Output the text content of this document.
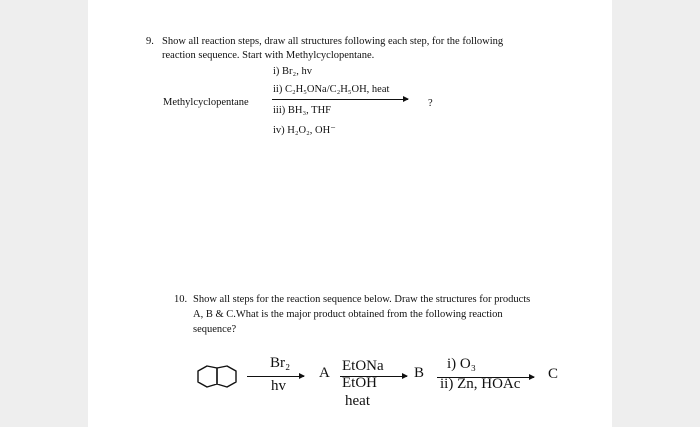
9. Show all reaction steps, draw all structures following each step, for the following
reaction sequence. Start with Methylcyclopentane.
i) Br₂, hv
ii) C₂H₅ONa/C₂H₅OH, heat
Methylcyclopentane	?
iii) BH₃, THF
iv) H₂O₂, OH⁻
10. Show all steps for the reaction sequence below. Draw the structures for products
A, B & C.What is the major product obtained from the following reaction
sequence?
Br₂
hv
A EtONa
EtOH
heat
B
i) O₃
ii) Zn, HOAc
C
